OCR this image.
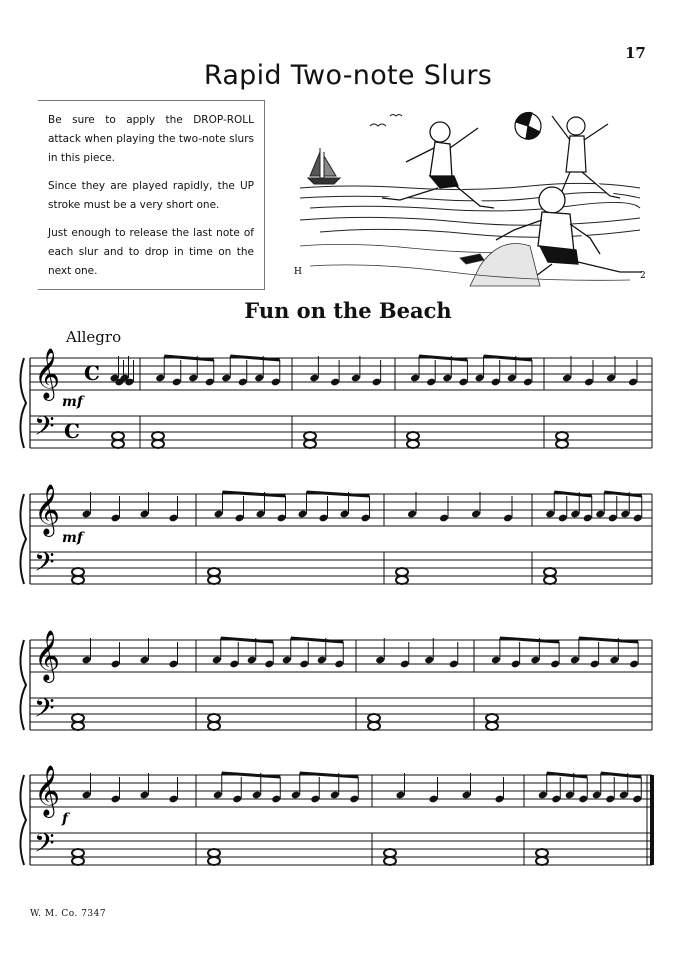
17
Rapid Two-note Slurs

Be sure to apply the DROP-ROLL attack when playing the two-note slurs in this piece.

Since they are played rapidly, the UP stroke must be a very short one.

Just enough to release the last note of each slur and to drop in time on the next one.	H	2
Fun on the Beach
Allegro
𝄞
𝄢
C
C
mf
𝄞
𝄢
mf
𝄞
𝄢
𝄞
𝄢
f
W. M. Co. 7347
